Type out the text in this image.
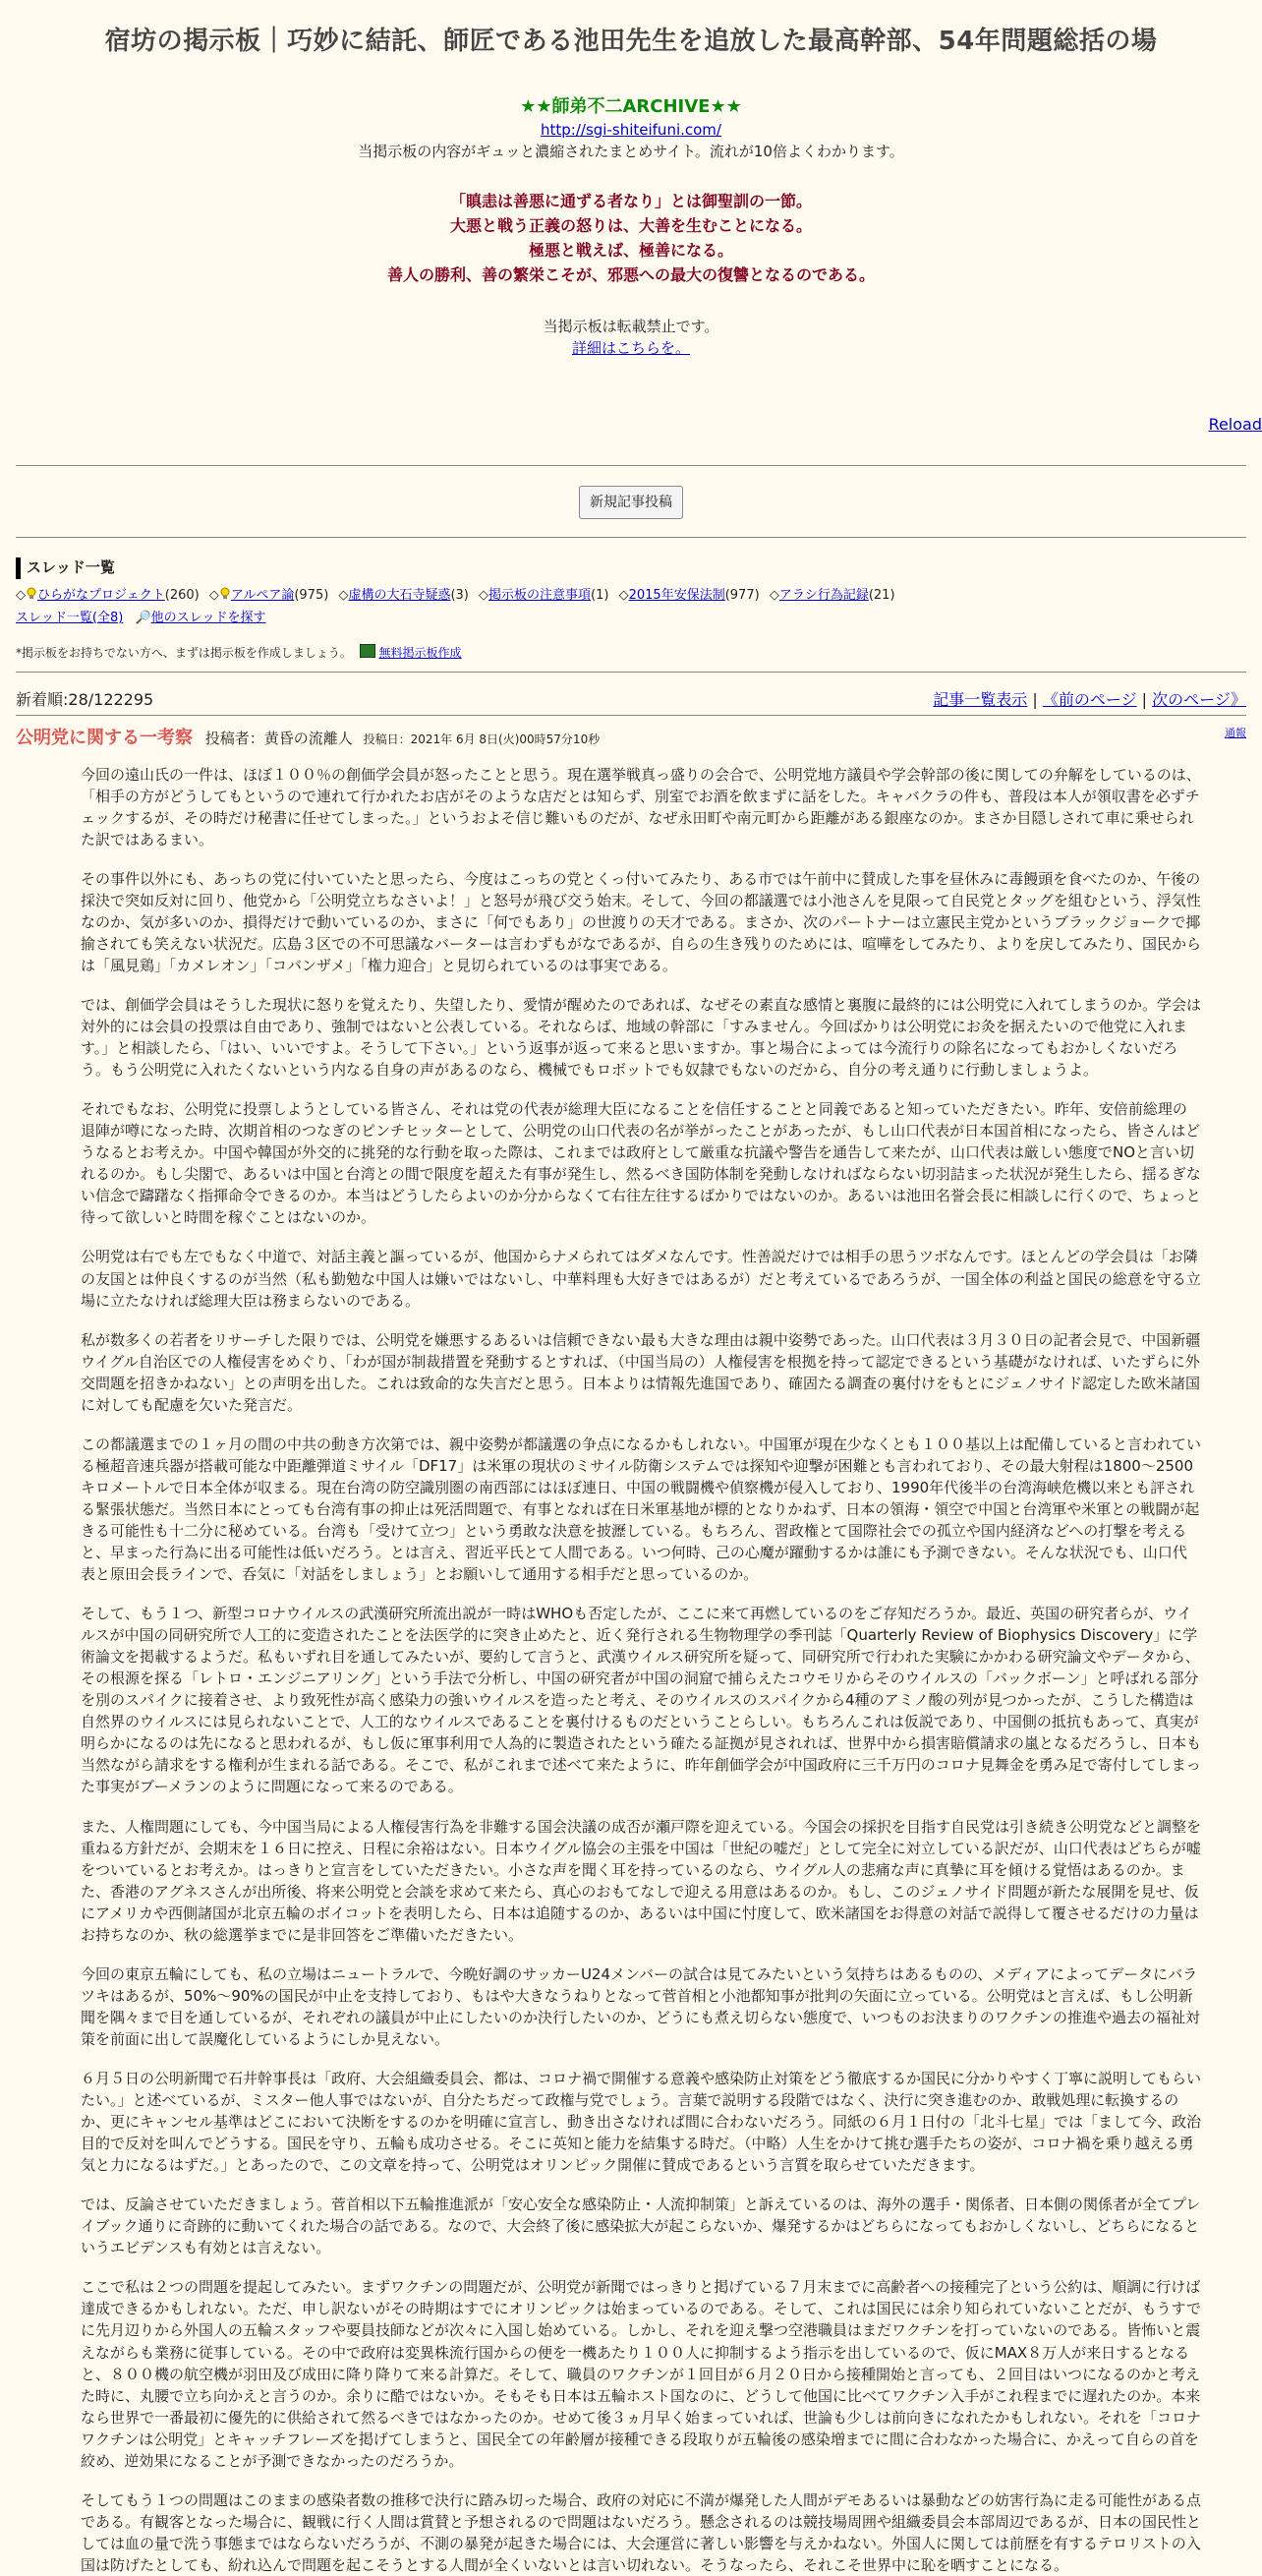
宿坊の掲示板｜巧妙に結託、師匠である池田先生を追放した最高幹部、54年問題総括の場
★★師弟不二ARCHIVE★★
http://sgi-shiteifuni.com/
当掲示板の内容がギュッと濃縮されたまとめサイト。流れが10倍よくわかります。
「瞋恚は善悪に通ずる者なり」とは御聖訓の一節。
大悪と戦う正義の怒りは、大善を生むことになる。
極悪と戦えば、極善になる。
善人の勝利、善の繁栄こそが、邪悪への最大の復讐となるのである。
当掲示板は転載禁止です。
詳細はこちらを。
Reload
新規記事投稿
スレッド一覧
◇ ひらがなプロジェクト(260) ◇ アルペア論(975) ◇虚構の大石寺疑惑(3) ◇掲示板の注意事項(1) ◇2015年安保法制(977) ◇アラシ行為記録(21)
スレッド一覧(全8) 🔎他のスレッドを探す
*掲示板をお持ちでない方へ、まずは掲示板を作成しましょう。 無料掲示板作成
新着順:28/122295	記事一覧表示 | 《前のページ | 次のページ》
公明党に関する一考察 投稿者：黄昏の流離人 投稿日：2021年 6月 8日(火)00時57分10秒	通報

今回の遠山氏の一件は、ほぼ１００％の創価学会員が怒ったことと思う。現在選挙戦真っ盛りの会合で、公明党地方議員や学会幹部の後に関しての弁解をしているのは、「相手の方がどうしてもというので連れて行かれたお店がそのような店だとは知らず、別室でお酒を飲まずに話をした。キャバクラの件も、普段は本人が領収書を必ずチェックするが、その時だけ秘書に任せてしまった。」というおよそ信じ難いものだが、なぜ永田町や南元町から距離がある銀座なのか。まさか目隠しされて車に乗せられた訳ではあるまい。

その事件以外にも、あっちの党に付いていたと思ったら、今度はこっちの党とくっ付いてみたり、ある市では午前中に賛成した事を昼休みに毒饅頭を食べたのか、午後の採決で突如反対に回り、他党から「公明党立ちなさいよ！」と怒号が飛び交う始末。そして、今回の都議選では小池さんを見限って自民党とタッグを組むという、浮気性なのか、気が多いのか、損得だけで動いているのか、まさに「何でもあり」の世渡りの天才である。まさか、次のパートナーは立憲民主党かというブラックジョークで揶揄されても笑えない状況だ。広島３区での不可思議なバーターは言わずもがなであるが、自らの生き残りのためには、喧嘩をしてみたり、よりを戻してみたり、国民からは「風見鶏」「カメレオン」「コバンザメ」「権力迎合」と見切られているのは事実である。

では、創価学会員はそうした現状に怒りを覚えたり、失望したり、愛情が醒めたのであれば、なぜその素直な感情と裏腹に最終的には公明党に入れてしまうのか。学会は対外的には会員の投票は自由であり、強制ではないと公表している。それならば、地域の幹部に「すみません。今回ばかりは公明党にお灸を据えたいので他党に入れます。」と相談したら、「はい、いいですよ。そうして下さい。」という返事が返って来ると思いますか。事と場合によっては今流行りの除名になってもおかしくないだろう。もう公明党に入れたくないという内なる自身の声があるのなら、機械でもロボットでも奴隷でもないのだから、自分の考え通りに行動しましょうよ。

それでもなお、公明党に投票しようとしている皆さん、それは党の代表が総理大臣になることを信任することと同義であると知っていただきたい。昨年、安倍前総理の退陣が噂になった時、次期首相のつなぎのピンチヒッターとして、公明党の山口代表の名が挙がったことがあったが、もし山口代表が日本国首相になったら、皆さんはどうなるとお考えか。中国や韓国が外交的に挑発的な行動を取った際は、これまでは政府として厳重な抗議や警告を通告して来たが、山口代表は厳しい態度でNOと言い切れるのか。もし尖閣で、あるいは中国と台湾との間で限度を超えた有事が発生し、然るべき国防体制を発動しなければならない切羽詰まった状況が発生したら、揺るぎない信念で躊躇なく指揮命令できるのか。本当はどうしたらよいのか分からなくて右往左往するばかりではないのか。あるいは池田名誉会長に相談しに行くので、ちょっと待って欲しいと時間を稼ぐことはないのか。

公明党は右でも左でもなく中道で、対話主義と謳っているが、他国からナメられてはダメなんです。性善説だけでは相手の思うツボなんです。ほとんどの学会員は「お隣の友国とは仲良くするのが当然（私も勤勉な中国人は嫌いではないし、中華料理も大好きではあるが）だと考えているであろうが、一国全体の利益と国民の総意を守る立場に立たなければ総理大臣は務まらないのである。

私が数多くの若者をリサーチした限りでは、公明党を嫌悪するあるいは信頼できない最も大きな理由は親中姿勢であった。山口代表は３月３０日の記者会見で、中国新疆ウイグル自治区での人権侵害をめぐり、「わが国が制裁措置を発動するとすれば、（中国当局の）人権侵害を根拠を持って認定できるという基礎がなければ、いたずらに外交問題を招きかねない」との声明を出した。これは致命的な失言だと思う。日本よりは情報先進国であり、確固たる調査の裏付けをもとにジェノサイド認定した欧米諸国に対しても配慮を欠いた発言だ。

この都議選までの１ヶ月の間の中共の動き方次第では、親中姿勢が都議選の争点になるかもしれない。中国軍が現在少なくとも１００基以上は配備していると言われている極超音速兵器が搭載可能な中距離弾道ミサイル「DF17」は米軍の現状のミサイル防衛システムでは探知や迎撃が困難とも言われており、その最大射程は1800～2500キロメートルで日本全体が収まる。現在台湾の防空識別圏の南西部にはほぼ連日、中国の戦闘機や偵察機が侵入しており、1990年代後半の台湾海峡危機以来とも評される緊張状態だ。当然日本にとっても台湾有事の抑止は死活問題で、有事となれば在日米軍基地が標的となりかねず、日本の領海・領空で中国と台湾軍や米軍との戦闘が起きる可能性も十二分に秘めている。台湾も「受けて立つ」という勇敢な決意を披瀝している。もちろん、習政権とて国際社会での孤立や国内経済などへの打撃を考えると、早まった行為に出る可能性は低いだろう。とは言え、習近平氏とて人間である。いつ何時、己の心魔が躍動するかは誰にも予測できない。そんな状況でも、山口代表と原田会長ラインで、呑気に「対話をしましょう」とお願いして通用する相手だと思っているのか。

そして、もう１つ、新型コロナウイルスの武漢研究所流出説が一時はWHOも否定したが、ここに来て再燃しているのをご存知だろうか。最近、英国の研究者らが、ウイルスが中国の同研究所で人工的に変造されたことを法医学的に突き止めたと、近く発行される生物物理学の季刊誌「Quarterly Review of Biophysics Discovery」に学術論文を掲載するようだ。私もいずれ目を通してみたいが、要約して言うと、武漢ウイルス研究所を疑って、同研究所で行われた実験にかかわる研究論文やデータから、その根源を探る「レトロ・エンジニアリング」という手法で分析し、中国の研究者が中国の洞窟で捕らえたコウモリからそのウイルスの「バックボーン」と呼ばれる部分を別のスパイクに接着させ、より致死性が高く感染力の強いウイルスを造ったと考え、そのウイルスのスパイクから4種のアミノ酸の列が見つかったが、こうした構造は自然界のウイルスには見られないことで、人工的なウイルスであることを裏付けるものだということらしい。もちろんこれは仮説であり、中国側の抵抗もあって、真実が明らかになるのは先になると思われるが、もし仮に軍事利用で人為的に製造されたという確たる証拠が見されれば、世界中から損害賠償請求の嵐となるだろうし、日本も当然ながら請求をする権利が生まれる話である。そこで、私がこれまで述べて来たように、昨年創価学会が中国政府に三千万円のコロナ見舞金を勇み足で寄付してしまった事実がブーメランのように問題になって来るのである。

また、人権問題にしても、今中国当局による人権侵害行為を非難する国会決議の成否が瀬戸際を迎えている。今国会の採択を目指す自民党は引き続き公明党などと調整を重ねる方針だが、会期末を１６日に控え、日程に余裕はない。日本ウイグル協会の主張を中国は「世紀の嘘だ」として完全に対立している訳だが、山口代表はどちらが嘘をついているとお考えか。はっきりと宣言をしていただきたい。小さな声を聞く耳を持っているのなら、ウイグル人の悲痛な声に真摯に耳を傾ける覚悟はあるのか。また、香港のアグネスさんが出所後、将来公明党と会談を求めて来たら、真心のおもてなしで迎える用意はあるのか。もし、このジェノサイド問題が新たな展開を見せ、仮にアメリカや西側諸国が北京五輪のボイコットを表明したら、日本は追随するのか、あるいは中国に忖度して、欧米諸国をお得意の対話で説得して覆させるだけの力量はお持ちなのか、秋の総選挙までに是非回答をご準備いただきたい。

今回の東京五輪にしても、私の立場はニュートラルで、今晩好調のサッカーU24メンバーの試合は見てみたいという気持ちはあるものの、メディアによってデータにバラツキはあるが、50%～90%の国民が中止を支持しており、もはや大きなうねりとなって菅首相と小池都知事が批判の矢面に立っている。公明党はと言えば、もし公明新聞を隅々まで目を通しているが、それぞれの議員が中止にしたいのか決行したいのか、どうにも煮え切らない態度で、いつものお決まりのワクチンの推進や過去の福祉対策を前面に出して誤魔化しているようにしか見えない。

６月５日の公明新聞で石井幹事長は「政府、大会組織委員会、都は、コロナ禍で開催する意義や感染防止対策をどう徹底するか国民に分かりやすく丁寧に説明してもらいたい。」と述べているが、ミスター他人事ではないが、自分たちだって政権与党でしょう。言葉で説明する段階ではなく、決行に突き進むのか、敢戦処理に転換するのか、更にキャンセル基準はどこにおいて決断をするのかを明確に宣言し、動き出さなければ間に合わないだろう。同紙の６月１日付の「北斗七星」では「まして今、政治目的で反対を叫んでどうする。国民を守り、五輪も成功させる。そこに英知と能力を結集する時だ。（中略）人生をかけて挑む選手たちの姿が、コロナ禍を乗り越える勇気と力になるはずだ。」とあったので、この文章を持って、公明党はオリンピック開催に賛成であるという言質を取らせていただきます。

では、反論させていただきましょう。菅首相以下五輪推進派が「安心安全な感染防止・人流抑制策」と訴えているのは、海外の選手・関係者、日本側の関係者が全てプレイブック通りに奇跡的に動いてくれた場合の話である。なので、大会終了後に感染拡大が起こらないか、爆発するかはどちらになってもおかしくないし、どちらになるというエビデンスも有効とは言えない。

ここで私は２つの問題を提起してみたい。まずワクチンの問題だが、公明党が新聞ではっきりと掲げている７月末までに高齢者への接種完了という公約は、順調に行けば達成できるかもしれない。ただ、申し訳ないがその時期はすでにオリンピックは始まっているのである。そして、これは国民には余り知られていないことだが、もうすでに先月辺りから外国人の五輪スタッフや要員技師などが次々に入国し始めている。しかし、それを迎え撃つ空港職員はまだワクチンを打っていないのである。皆怖いと震えながらも業務に従事している。その中で政府は変異株流行国からの便を一機あたり１００人に抑制するよう指示を出しているので、仮にMAX８万人が来日するとなると、８００機の航空機が羽田及び成田に降り降りて来る計算だ。そして、職員のワクチンが１回目が６月２０日から接種開始と言っても、２回目はいつになるのかと考えた時に、丸腰で立ち向かえと言うのか。余りに酷ではないか。そもそも日本は五輪ホスト国なのに、どうして他国に比べてワクチン入手がこれ程までに遅れたのか。本来なら世界で一番最初に優先的に供給されて然るべきではなかったのか。せめて後３ヵ月早く始まっていれば、世論も少しは前向きになれたかもしれない。それを「コロナワクチンは公明党」とキャッチフレーズを掲げてしまうと、国民全ての年齢層が接種できる段取りが五輪後の感染増までに間に合わなかった場合に、かえって自らの首を絞め、逆効果になることが予測できなかったのだろうか。

そしてもう１つの問題はこのままの感染者数の推移で決行に踏み切った場合、政府の対応に不満が爆発した人間がデモあるいは暴動などの妨害行為に走る可能性がある点である。有観客となった場合に、観戦に行く人間は賞賛と予想されるので問題はないだろう。懸念されるのは競技場周囲や組織委員会本部周辺であるが、日本の国民性としては血の量で洗う事態まではならないだろうが、不測の暴発が起きた場合には、大会運営に著しい影響を与えかねない。外国人に関しては前歴を有するテロリストの入国は防げたとしても、紛れ込んで問題を起こそうとする人間が全くいないとは言い切れない。そうなったら、それこそ世界中に恥を晒すことになる。
